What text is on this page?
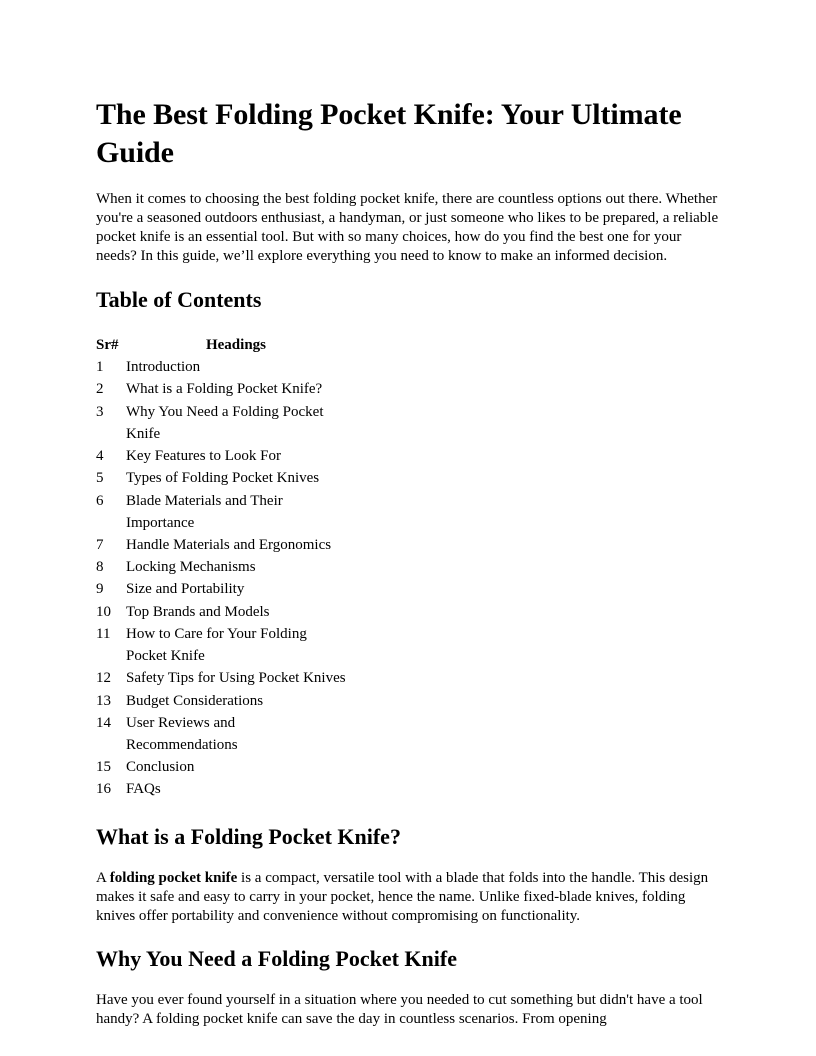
The Best Folding Pocket Knife: Your Ultimate Guide

When it comes to choosing the best folding pocket knife, there are countless options out there. Whether you're a seasoned outdoors enthusiast, a handyman, or just someone who likes to be prepared, a reliable pocket knife is an essential tool. But with so many choices, how do you find the best one for your needs? In this guide, we’ll explore everything you need to know to make an informed decision.

Table of Contents
Sr#	Headings
1	Introduction
2	What is a Folding Pocket Knife?
3	Why You Need a Folding Pocket Knife
4	Key Features to Look For
5	Types of Folding Pocket Knives
6	Blade Materials and Their Importance
7	Handle Materials and Ergonomics
8	Locking Mechanisms
9	Size and Portability
10	Top Brands and Models
11	How to Care for Your Folding Pocket Knife
12	Safety Tips for Using Pocket Knives
13	Budget Considerations
14	User Reviews and Recommendations
15	Conclusion
16	FAQs
What is a Folding Pocket Knife?

A folding pocket knife is a compact, versatile tool with a blade that folds into the handle. This design makes it safe and easy to carry in your pocket, hence the name. Unlike fixed-blade knives, folding knives offer portability and convenience without compromising on functionality.

Why You Need a Folding Pocket Knife

Have you ever found yourself in a situation where you needed to cut something but didn't have a tool handy? A folding pocket knife can save the day in countless scenarios. From opening
